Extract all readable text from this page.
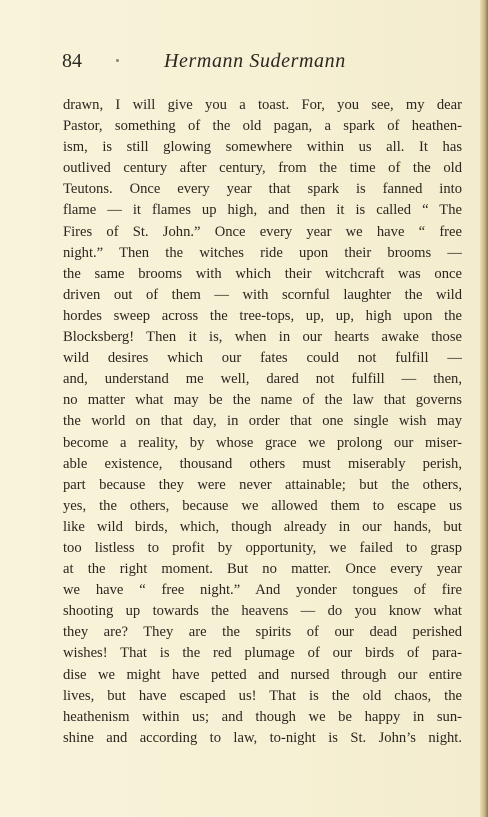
84	Hermann Sudermann
drawn, I will give you a toast. For, you see, my dear
Pastor, something of the old pagan, a spark of heathen-
ism, is still glowing somewhere within us all. It has
outlived century after century, from the time of the old
Teutons. Once every year that spark is fanned into
flame — it flames up high, and then it is called “ The
Fires of St. John.” Once every year we have “ free
night.” Then the witches ride upon their brooms —
the same brooms with which their witchcraft was once
driven out of them — with scornful laughter the wild
hordes sweep across the tree-tops, up, up, high upon the
Blocksberg! Then it is, when in our hearts awake those
wild desires which our fates could not fulfill —
and, understand me well, dared not fulfill — then,
no matter what may be the name of the law that governs
the world on that day, in order that one single wish may
become a reality, by whose grace we prolong our miser-
able existence, thousand others must miserably perish,
part because they were never attainable; but the others,
yes, the others, because we allowed them to escape us
like wild birds, which, though already in our hands, but
too listless to profit by opportunity, we failed to grasp
at the right moment. But no matter. Once every year
we have “ free night.” And yonder tongues of fire
shooting up towards the heavens — do you know what
they are? They are the spirits of our dead perished
wishes! That is the red plumage of our birds of para-
dise we might have petted and nursed through our entire
lives, but have escaped us! That is the old chaos, the
heathenism within us; and though we be happy in sun-
shine and according to law, to-night is St. John’s night.
